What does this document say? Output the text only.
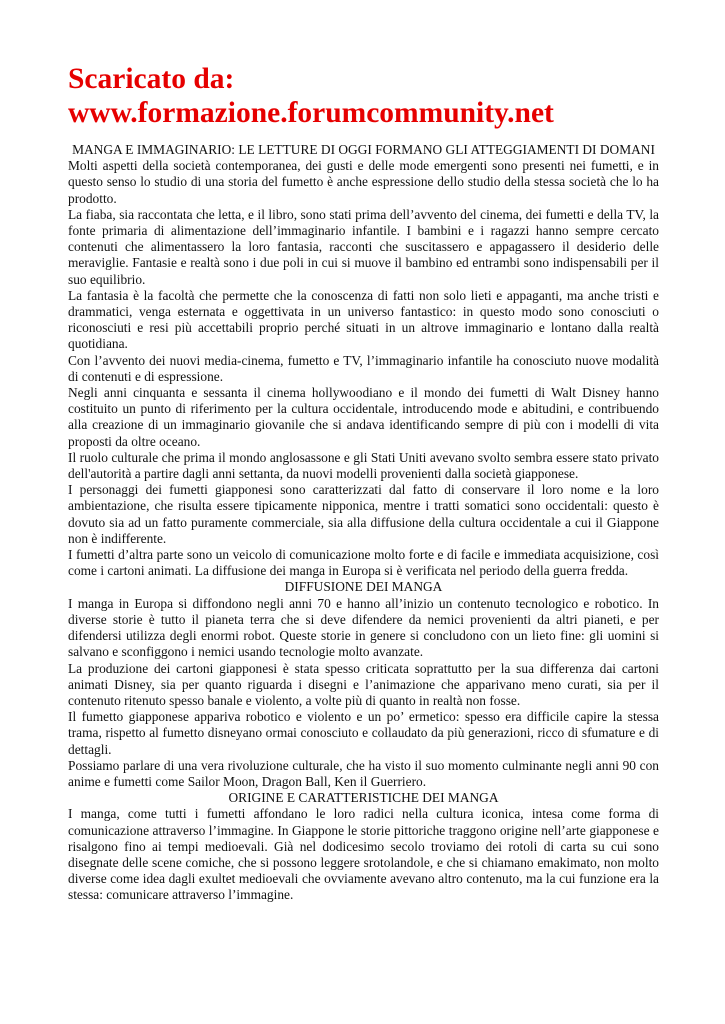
Scaricato da:
www.formazione.forumcommunity.net

MANGA E IMMAGINARIO: LE LETTURE DI OGGI FORMANO GLI ATTEGGIAMENTI DI DOMANI

Molti aspetti della società contemporanea, dei gusti e delle mode emergenti sono presenti nei fumetti, e in questo senso lo studio di una storia del fumetto è anche espressione dello studio della stessa società che lo ha prodotto.

La fiaba, sia raccontata che letta, e il libro, sono stati prima dell’avvento del cinema, dei fumetti e della TV, la fonte primaria di alimentazione dell’immaginario infantile. I bambini e i ragazzi hanno sempre cercato contenuti che alimentassero la loro fantasia, racconti che suscitassero e appagassero il desiderio delle meraviglie. Fantasie e realtà sono i due poli in cui si muove il bambino ed entrambi sono indispensabili per il suo equilibrio.

La fantasia è la facoltà che permette che la conoscenza di fatti non solo lieti e appaganti, ma anche tristi e drammatici, venga esternata e oggettivata in un universo fantastico: in questo modo sono conosciuti o riconosciuti e resi più accettabili proprio perché situati in un altrove immaginario e lontano dalla realtà quotidiana.

Con l’avvento dei nuovi media-cinema, fumetto e TV, l’immaginario infantile ha conosciuto nuove modalità di contenuti e di espressione.

Negli anni cinquanta e sessanta il cinema hollywoodiano e il mondo dei fumetti di Walt Disney hanno costituito un punto di riferimento per la cultura occidentale, introducendo mode e abitudini, e contribuendo alla creazione di un immaginario giovanile che si andava identificando sempre di più con i modelli di vita proposti da oltre oceano.

Il ruolo culturale che prima il mondo anglosassone e gli Stati Uniti avevano svolto sembra essere stato privato dell'autorità a partire dagli anni settanta, da nuovi modelli provenienti dalla società giapponese.

I personaggi dei fumetti giapponesi sono caratterizzati dal fatto di conservare il loro nome e la loro ambientazione, che risulta essere tipicamente nipponica, mentre i tratti somatici sono occidentali: questo è dovuto sia ad un fatto puramente commerciale, sia alla diffusione della cultura occidentale a cui il Giappone non è indifferente.

I fumetti d’altra parte sono un veicolo di comunicazione molto forte e di facile e immediata acquisizione, così come i cartoni animati. La diffusione dei manga in Europa si è verificata nel periodo della guerra fredda.

DIFFUSIONE DEI MANGA

I manga in Europa si diffondono negli anni 70 e hanno all’inizio un contenuto tecnologico e robotico. In diverse storie è tutto il pianeta terra che si deve difendere da nemici provenienti da altri pianeti, e per difendersi utilizza degli enormi robot. Queste storie in genere si concludono con un lieto fine: gli uomini si salvano e sconfiggono i nemici usando tecnologie molto avanzate.

La produzione dei cartoni giapponesi è stata spesso criticata soprattutto per la sua differenza dai cartoni animati Disney, sia per quanto riguarda i disegni e l’animazione che apparivano meno curati, sia per il contenuto ritenuto spesso banale e violento, a volte più di quanto in realtà non fosse.

Il fumetto giapponese appariva robotico e violento e un po’ ermetico: spesso era difficile capire la stessa trama, rispetto al fumetto disneyano ormai conosciuto e collaudato da più generazioni, ricco di sfumature e di dettagli.

Possiamo parlare di una vera rivoluzione culturale, che ha visto il suo momento culminante negli anni 90 con anime e fumetti come Sailor Moon, Dragon Ball, Ken il Guerriero.

ORIGINE E CARATTERISTICHE DEI MANGA

I manga, come tutti i fumetti affondano le loro radici nella cultura iconica, intesa come forma di comunicazione attraverso l’immagine. In Giappone le storie pittoriche traggono origine nell’arte giapponese e risalgono fino ai tempi medioevali. Già nel dodicesimo secolo troviamo dei rotoli di carta su cui sono disegnate delle scene comiche, che si possono leggere srotolandole, e che si chiamano emakimato, non molto diverse come idea dagli exultet medioevali che ovviamente avevano altro contenuto, ma la cui funzione era la stessa: comunicare attraverso l’immagine.
